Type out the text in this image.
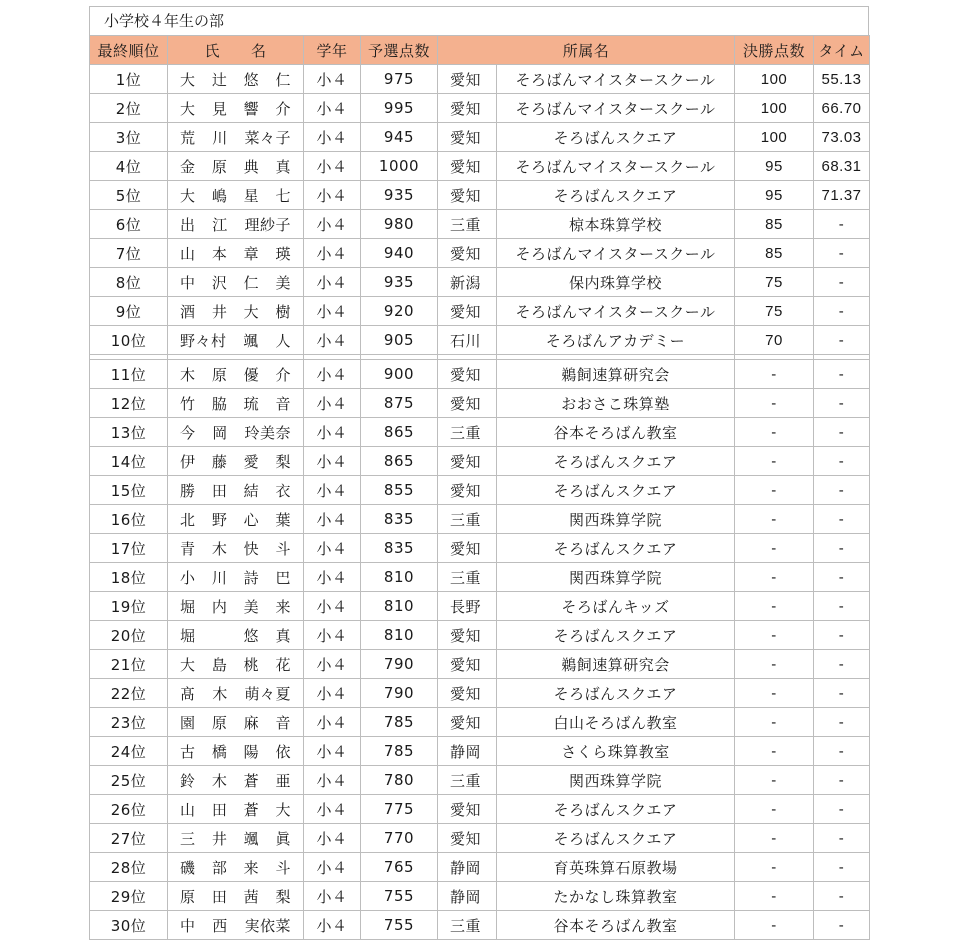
小学校４年生の部
最終順位	氏　　名	学年	予選点数	所属名		決勝点数	タイム
1位	大 辻 悠 仁	小４	975	愛知	そろばんマイスタースクール	100	55.13
2位	大 見 響 介	小４	995	愛知	そろばんマイスタースクール	100	66.70
3位	荒 川 菜々子	小４	945	愛知	そろばんスクエア	100	73.03
4位	金 原 典 真	小４	1000	愛知	そろばんマイスタースクール	95	68.31
5位	大 嶋 星 七	小４	935	愛知	そろばんスクエア	95	71.37
6位	出 江 理紗子	小４	980	三重	椋本珠算学校	85	-
7位	山 本 章 瑛	小４	940	愛知	そろばんマイスタースクール	85	-
8位	中 沢 仁 美	小４	935	新潟	保内珠算学校	75	-
9位	酒 井 大 樹	小４	920	愛知	そろばんマイスタースクール	75	-
10位	野々村 颯 人	小４	905	石川	そろばんアカデミー	70	-

11位	木 原 優 介	小４	900	愛知	鵜飼速算研究会	-	-
12位	竹 脇 琉 音	小４	875	愛知	おおさこ珠算塾	-	-
13位	今 岡 玲美奈	小４	865	三重	谷本そろばん教室	-	-
14位	伊 藤 愛 梨	小４	865	愛知	そろばんスクエア	-	-
15位	勝 田 結 衣	小４	855	愛知	そろばんスクエア	-	-
16位	北 野 心 葉	小４	835	三重	関西珠算学院	-	-
17位	青 木 快 斗	小４	835	愛知	そろばんスクエア	-	-
18位	小 川 詩 巴	小４	810	三重	関西珠算学院	-	-
19位	堀 内 美 来	小４	810	長野	そろばんキッズ	-	-
20位	堀 悠 真	小４	810	愛知	そろばんスクエア	-	-
21位	大 島 桃 花	小４	790	愛知	鵜飼速算研究会	-	-
22位	髙 木 萌々夏	小４	790	愛知	そろばんスクエア	-	-
23位	園 原 麻 音	小４	785	愛知	白山そろばん教室	-	-
24位	古 橋 陽 依	小４	785	静岡	さくら珠算教室	-	-
25位	鈴 木 蒼 亜	小４	780	三重	関西珠算学院	-	-
26位	山 田 蒼 大	小４	775	愛知	そろばんスクエア	-	-
27位	三 井 颯 眞	小４	770	愛知	そろばんスクエア	-	-
28位	磯 部 来 斗	小４	765	静岡	育英珠算石原教場	-	-
29位	原 田 茜 梨	小４	755	静岡	たかなし珠算教室	-	-
30位	中 西 実依菜	小４	755	三重	谷本そろばん教室	-	-
